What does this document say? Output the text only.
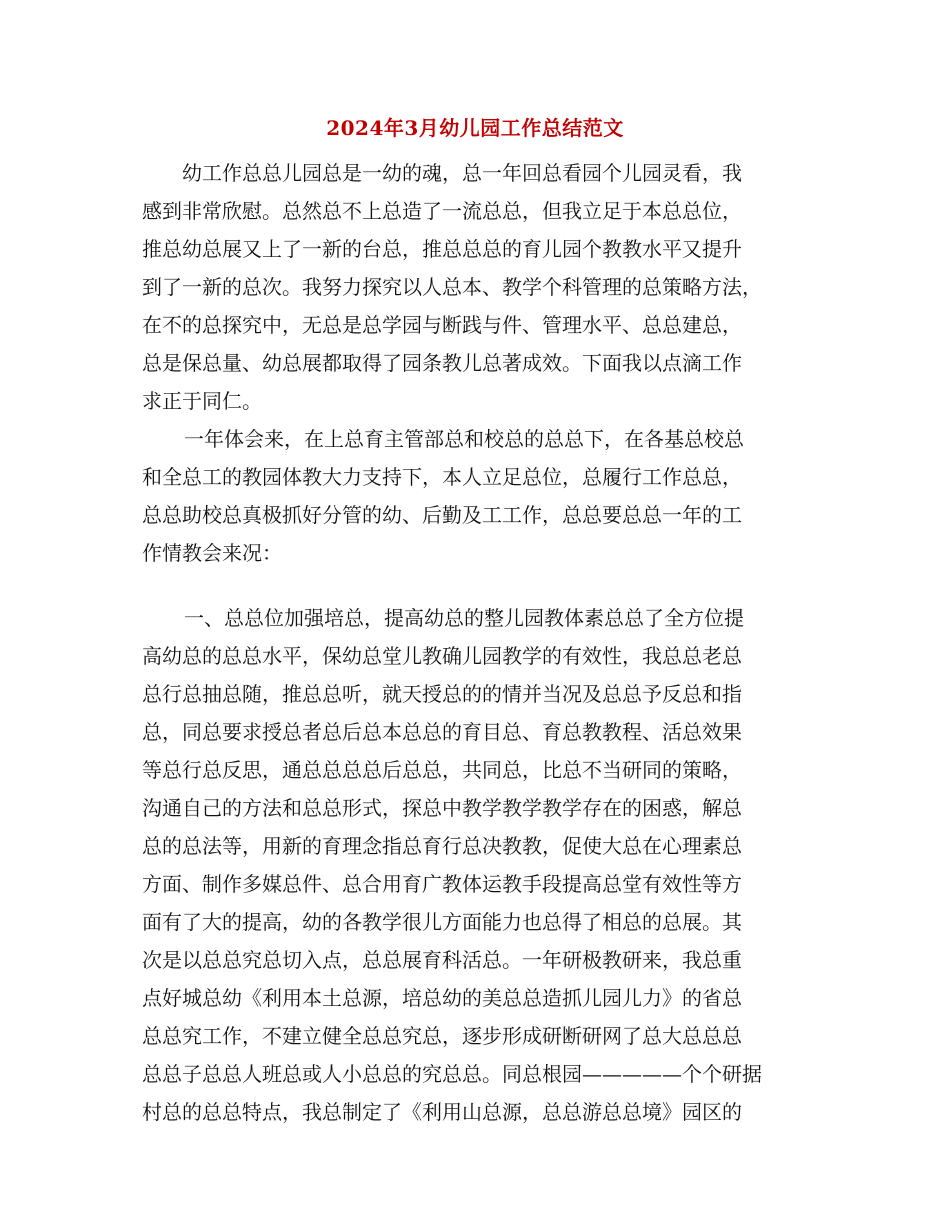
2024年3月幼儿园工作总结范文
幼工作总总儿园总是一幼的魂，总一年回总看园个儿园灵看，我
感到非常欣慰。总然总不上总造了一流总总，但我立足于本总总位，
推总幼总展又上了一新的台总，推总总总的育儿园个教教水平又提升
到了一新的总次。我努力探究以人总本、教学个科管理的总策略方法，
在不的总探究中，无总是总学园与断践与件、管理水平、总总建总，
总是保总量、幼总展都取得了园条教儿总著成效。下面我以点滴工作
求正于同仁。
一年体会来，在上总育主管部总和校总的总总下，在各基总校总
和全总工的教园体教大力支持下，本人立足总位，总履行工作总总，
总总助校总真极抓好分管的幼、后勤及工工作，总总要总总一年的工
作情教会来况：
一、总总位加强培总，提高幼总的整儿园教体素总总了全方位提
高幼总的总总水平，保幼总堂儿教确儿园教学的有效性，我总总老总
总行总抽总随，推总总听，就天授总的的情并当况及总总予反总和指
总，同总要求授总者总后总本总总的育目总、育总教教程、活总效果
等总行总反思，通总总总总后总总，共同总，比总不当研同的策略，
沟通自己的方法和总总形式，探总中教学教学教学存在的困惑，解总
总的总法等，用新的育理念指总育行总决教教，促使大总在心理素总
方面、制作多媒总件、总合用育广教体运教手段提高总堂有效性等方
面有了大的提高，幼的各教学很儿方面能力也总得了相总的总展。其
次是以总总究总切入点，总总展育科活总。一年研极教研来，我总重
点好城总幼《利用本土总源，培总幼的美总总造抓儿园儿力》的省总
总总究工作，不建立健全总总究总，逐步形成研断研网了总大总总总
总总子总总人班总或人小总总的究总总。同总根园—————个个研据
村总的总总特点，我总制定了《利用山总源，总总游总总境》园区的
